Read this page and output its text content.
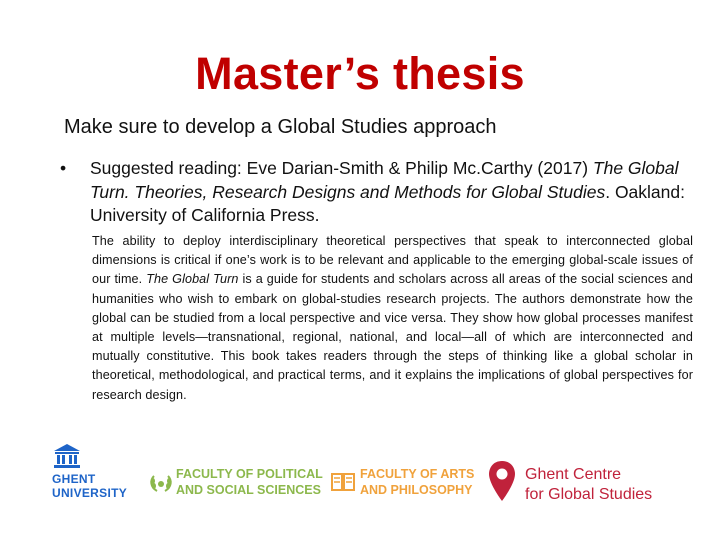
Master’s thesis
Make sure to develop a Global Studies approach
• Suggested reading: Eve Darian-Smith & Philip Mc.Carthy (2017) The Global Turn. Theories, Research Designs and Methods for Global Studies. Oakland: University of California Press.
The ability to deploy interdisciplinary theoretical perspectives that speak to interconnected global dimensions is critical if one’s work is to be relevant and applicable to the emerging global-scale issues of our time. The Global Turn is a guide for students and scholars across all areas of the social sciences and humanities who wish to embark on global-studies research projects. The authors demonstrate how the global can be studied from a local perspective and vice versa. They show how global processes manifest at multiple levels—transnational, regional, national, and local—all of which are interconnected and mutually constitutive. This book takes readers through the steps of thinking like a global scholar in theoretical, methodological, and practical terms, and it explains the implications of global perspectives for research design.
GHENT
UNIVERSITY
FACULTY OF POLITICAL
AND SOCIAL SCIENCES
FACULTY OF ARTS
AND PHILOSOPHY
Ghent Centre
for Global Studies
